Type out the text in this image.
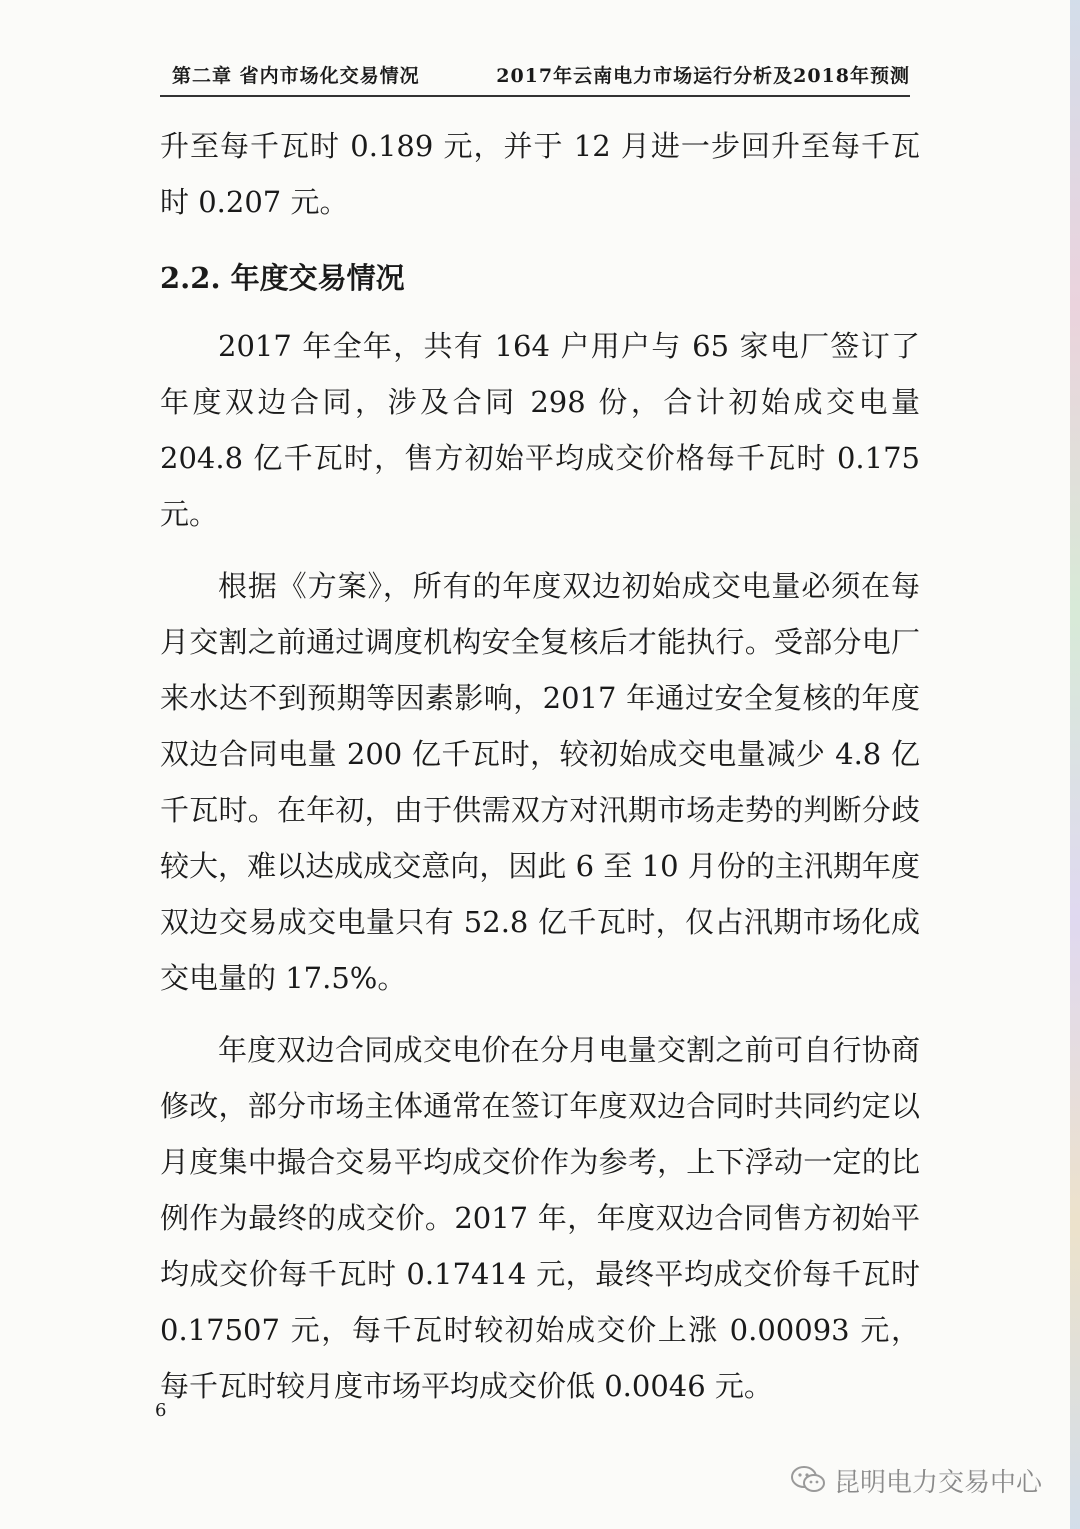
第二章 省内市场化交易情况	2017年云南电力市场运行分析及2018年预测

升至每千瓦时 0.189 元，并于 12 月进一步回升至每千瓦时 0.207 元。

2.2. 年度交易情况

2017 年全年，共有 164 户用户与 65 家电厂签订了年度双边合同，涉及合同 298 份，合计初始成交电量 204.8 亿千瓦时，售方初始平均成交价格每千瓦时 0.175 元。

根据《方案》，所有的年度双边初始成交电量必须在每月交割之前通过调度机构安全复核后才能执行。受部分电厂来水达不到预期等因素影响，2017 年通过安全复核的年度双边合同电量 200 亿千瓦时，较初始成交电量减少 4.8 亿千瓦时。在年初，由于供需双方对汛期市场走势的判断分歧较大，难以达成成交意向，因此 6 至 10 月份的主汛期年度双边交易成交电量只有 52.8 亿千瓦时，仅占汛期市场化成交电量的 17.5%。

年度双边合同成交电价在分月电量交割之前可自行协商修改，部分市场主体通常在签订年度双边合同时共同约定以月度集中撮合交易平均成交价作为参考，上下浮动一定的比例作为最终的成交价。2017 年，年度双边合同售方初始平均成交价每千瓦时 0.17414 元，最终平均成交价每千瓦时 0.17507 元，每千瓦时较初始成交价上涨 0.00093 元，每千瓦时较月度市场平均成交价低 0.0046 元。

6
昆明电力交易中心
